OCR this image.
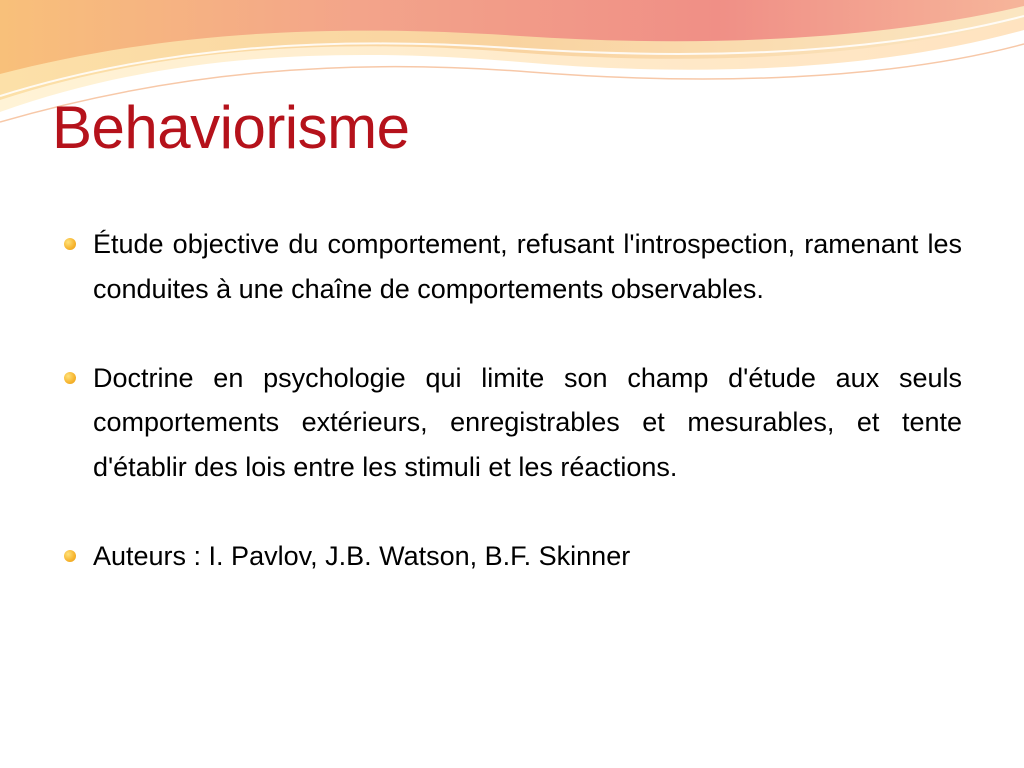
Behaviorisme
Étude objective du comportement, refusant l'introspection, ramenant les conduites à une chaîne de comportements observables.
Doctrine en psychologie qui limite son champ d'étude aux seuls comportements extérieurs, enregistrables et mesurables, et tente d'établir des lois entre les stimuli et les réactions.
Auteurs : I. Pavlov, J.B. Watson, B.F. Skinner
